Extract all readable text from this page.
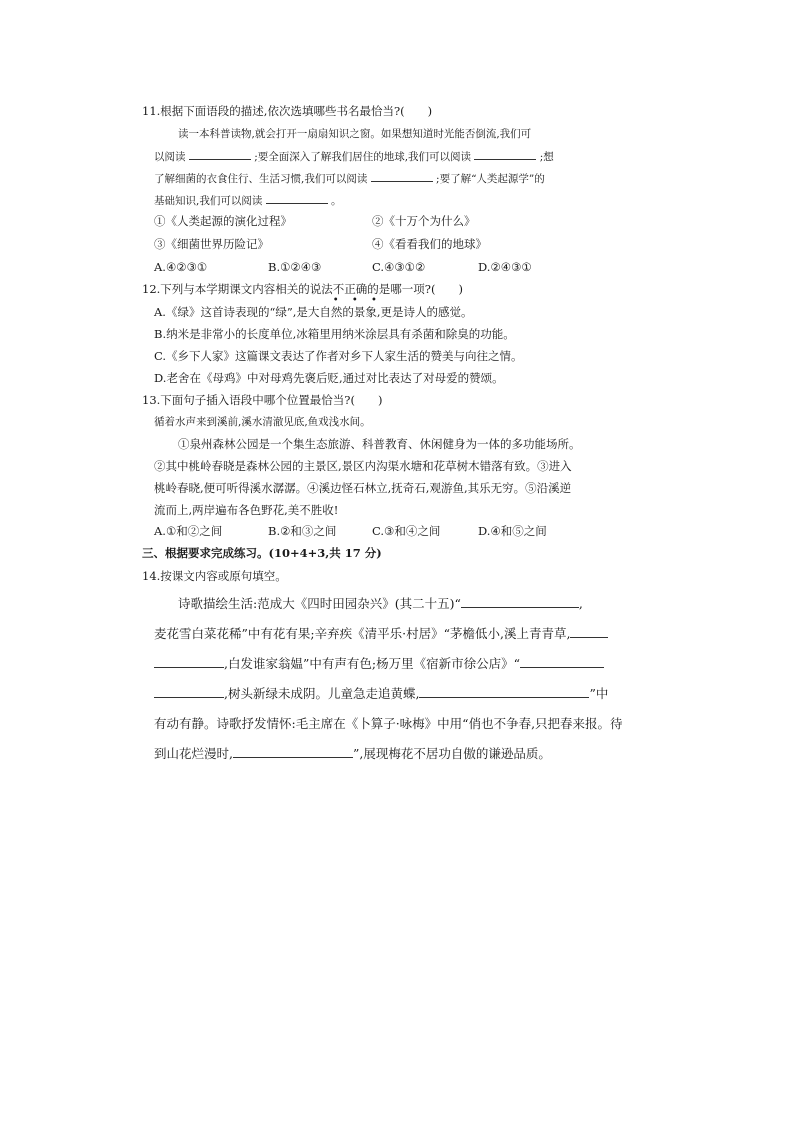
11.根据下面语段的描述,依次选填哪些书名最恰当?(　　)
读一本科普读物,就会打开一扇扇知识之窗。如果想知道时光能否倒流,我们可
以阅读	;要全面深入了解我们居住的地球,我们可以阅读	;想
了解细菌的衣食住行、生活习惯,我们可以阅读	;要了解“人类起源学”的
基础知识,我们可以阅读	。
①《人类起源的演化过程》	②《十万个为什么》
③《细菌世界历险记》	④《看看我们的地球》
A.④②③①	B.①②④③	C.④③①②	D.②④③①
12.下列与本学期课文内容相关的说法不正确
• • •
的是哪一项?(　　)
A.《绿》这首诗表现的“绿”,是大自然的景象,更是诗人的感觉。
B.纳米是非常小的长度单位,冰箱里用纳米涂层具有杀菌和除臭的功能。
C.《乡下人家》这篇课文表达了作者对乡下人家生活的赞美与向往之情。
D.老舍在《母鸡》中对母鸡先褒后贬,通过对比表达了对母爱的赞颂。
13.下面句子插入语段中哪个位置最恰当?(　　)
循着水声来到溪前,溪水清澈见底,鱼戏浅水间。
①泉州森林公园是一个集生态旅游、科普教育、休闲健身为一体的多功能场所。
②其中桃岭春晓是森林公园的主景区,景区内沟渠水塘和花草树木错落有致。③进入
桃岭春晓,便可听得溪水潺潺。④溪边怪石林立,抚奇石,观游鱼,其乐无穷。⑤沿溪逆
流而上,两岸遍布各色野花,美不胜收!
A.①和②之间	B.②和③之间	C.③和④之间	D.④和⑤之间
三、根据要求完成练习。(10+4+3,共 17 分)
14.按课文内容或原句填空。
诗歌描绘生活:范成大《四时田园杂兴》(其二十五)“	,
麦花雪白菜花稀”中有花有果;辛弃疾《清平乐·村居》“茅檐低小,溪上青青草,
,白发谁家翁媪”中有声有色;杨万里《宿新市徐公店》“
,树头新绿未成阴。儿童急走追黄蝶,	”中
有动有静。诗歌抒发情怀:毛主席在《卜算子·咏梅》中用“俏也不争春,只把春来报。待
到山花烂漫时,	”,展现梅花不居功自傲的谦逊品质。
